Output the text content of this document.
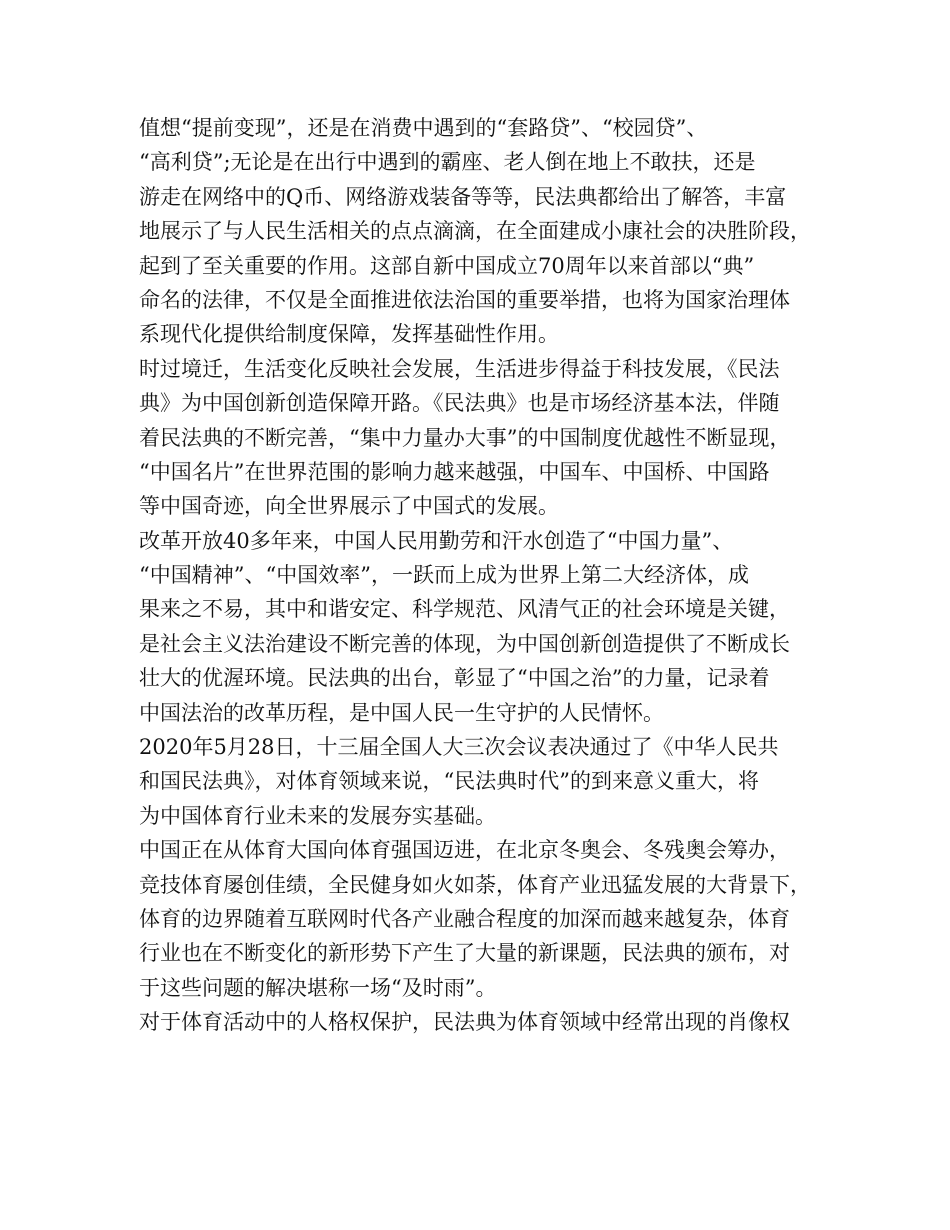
值想“提前变现”，还是在消费中遇到的“套路贷”、“校园贷”、
“高利贷”;无论是在出行中遇到的霸座、老人倒在地上不敢扶，还是
游走在网络中的Q币、网络游戏装备等等，民法典都给出了解答，丰富
地展示了与人民生活相关的点点滴滴，在全面建成小康社会的决胜阶段，
起到了至关重要的作用。这部自新中国成立70周年以来首部以“典”
命名的法律，不仅是全面推进依法治国的重要举措，也将为国家治理体
系现代化提供给制度保障，发挥基础性作用。
时过境迁，生活变化反映社会发展，生活进步得益于科技发展，《民法
典》为中国创新创造保障开路。《民法典》也是市场经济基本法，伴随
着民法典的不断完善，“集中力量办大事”的中国制度优越性不断显现，
“中国名片”在世界范围的影响力越来越强，中国车、中国桥、中国路
等中国奇迹，向全世界展示了中国式的发展。
改革开放40多年来，中国人民用勤劳和汗水创造了“中国力量”、
“中国精神”、“中国效率”，一跃而上成为世界上第二大经济体，成
果来之不易，其中和谐安定、科学规范、风清气正的社会环境是关键，
是社会主义法治建设不断完善的体现，为中国创新创造提供了不断成长
壮大的优渥环境。民法典的出台，彰显了“中国之治”的力量，记录着
中国法治的改革历程，是中国人民一生守护的人民情怀。
2020年5月28日，十三届全国人大三次会议表决通过了《中华人民共
和国民法典》，对体育领域来说，“民法典时代”的到来意义重大，将
为中国体育行业未来的发展夯实基础。
中国正在从体育大国向体育强国迈进，在北京冬奥会、冬残奥会筹办，
竞技体育屡创佳绩，全民健身如火如荼，体育产业迅猛发展的大背景下，
体育的边界随着互联网时代各产业融合程度的加深而越来越复杂，体育
行业也在不断变化的新形势下产生了大量的新课题，民法典的颁布，对
于这些问题的解决堪称一场“及时雨”。
对于体育活动中的人格权保护，民法典为体育领域中经常出现的肖像权
